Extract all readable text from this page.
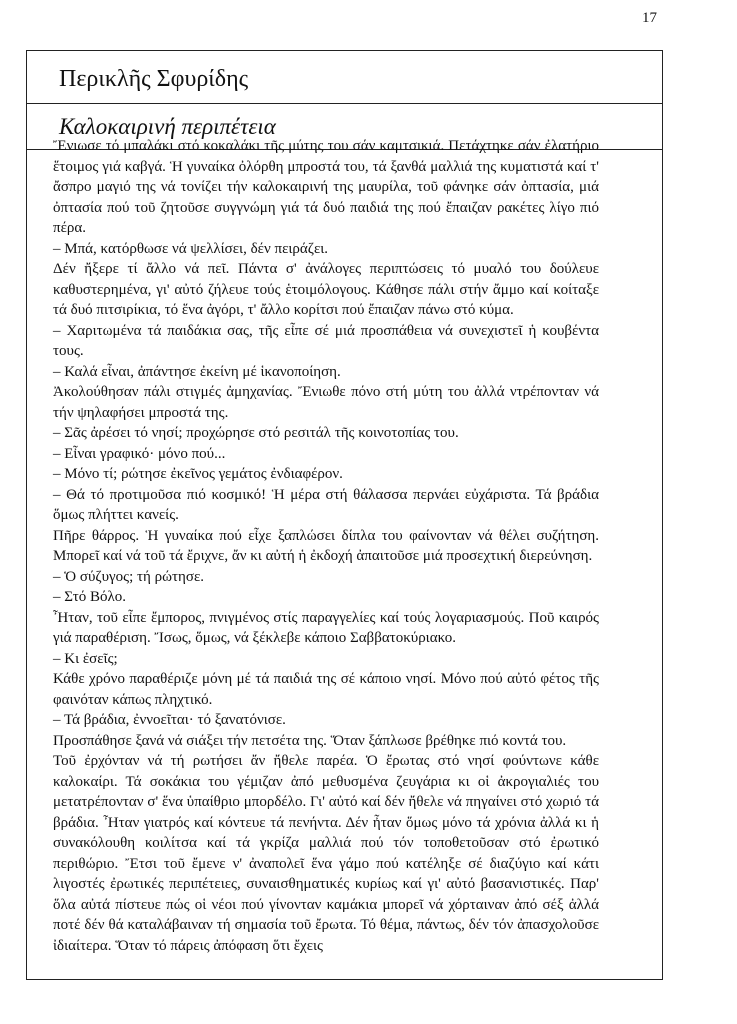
17
Περικλῆς Σφυρίδης
Καλοκαιρινή περιπέτεια

Ἔνιωσε τό μπαλάκι στό κοκαλάκι τῆς μύτης του σάν καμτσικιά. Πετάχτηκε σάν ἐλατήριο ἕτοιμος γιά καβγά. Ἡ γυναίκα ὀλόρθη μπροστά του, τά ξανθά μαλλιά της κυματιστά καί τ' ἄσπρο μαγιό της νά τονίζει τήν καλοκαιρινή της μαυρίλα, τοῦ φάνηκε σάν ὀπτασία, μιά ὀπτασία πού τοῦ ζητοῦσε συγγνώμη γιά τά δυό παιδιά της πού ἔπαιζαν ρακέτες λίγο πιό πέρα.

– Μπά, κατόρθωσε νά ψελλίσει, δέν πειράζει.

Δέν ἤξερε τί ἄλλο νά πεῖ. Πάντα σ' ἀνάλογες περιπτώσεις τό μυαλό του δούλευε καθυστερημένα, γι' αὐτό ζήλευε τούς ἑτοιμόλογους. Κάθησε πάλι στήν ἄμμο καί κοίταξε τά δυό πιτσιρίκια, τό ἕνα ἀγόρι, τ' ἄλλο κορίτσι πού ἔπαιζαν πάνω στό κύμα.

– Χαριτωμένα τά παιδάκια σας, τῆς εἶπε σέ μιά προσπάθεια νά συνεχιστεῖ ἡ κουβέντα τους.

– Καλά εἶναι, ἀπάντησε ἐκείνη μέ ἱκανοποίηση.

Ἀκολούθησαν πάλι στιγμές ἀμηχανίας. Ἔνιωθε πόνο στή μύτη του ἀλλά ντρέπονταν νά τήν ψηλαφήσει μπροστά της.

– Σᾶς ἀρέσει τό νησί; προχώρησε στό ρεσιτάλ τῆς κοινοτοπίας του.

– Εἶναι γραφικό· μόνο πού...

– Μόνο τί; ρώτησε ἐκεῖνος γεμάτος ἐνδιαφέρον.

– Θά τό προτιμοῦσα πιό κοσμικό! Ἡ μέρα στή θάλασσα περνάει εὐχάριστα. Τά βράδια ὅμως πλήττει κανείς.

Πῆρε θάρρος. Ἡ γυναίκα πού εἶχε ξαπλώσει δίπλα του φαίνονταν νά θέλει συζήτηση. Μπορεῖ καί νά τοῦ τά ἔριχνε, ἄν κι αὐτή ἡ ἐκδοχή ἀπαιτοῦσε μιά προσεχτική διερεύνηση.

– Ὁ σύζυγος; τή ρώτησε.

– Στό Βόλο.

Ἦταν, τοῦ εἶπε ἔμπορος, πνιγμένος στίς παραγγελίες καί τούς λογαριασμούς. Ποῦ καιρός γιά παραθέριση. Ἴσως, ὅμως, νά ξέκλεβε κάποιο Σαββατοκύριακο.

– Κι ἐσεῖς;

Κάθε χρόνο παραθέριζε μόνη μέ τά παιδιά της σέ κάποιο νησί. Μόνο πού αὐτό φέτος τῆς φαινόταν κάπως πληχτικό.

– Τά βράδια, ἐννοεῖται· τό ξανατόνισε.

Προσπάθησε ξανά νά σιάξει τήν πετσέτα της. Ὅταν ξάπλωσε βρέθηκε πιό κοντά του.

Τοῦ ἐρχόνταν νά τή ρωτήσει ἄν ἤθελε παρέα. Ὁ ἔρωτας στό νησί φούντωνε κάθε καλοκαίρι. Τά σοκάκια του γέμιζαν ἀπό μεθυσμένα ζευγάρια κι οἱ ἀκρογιαλιές του μετατρέπονταν σ' ἕνα ὑπαίθριο μπορδέλο. Γι' αὐτό καί δέν ἤθελε νά πηγαίνει στό χωριό τά βράδια. Ἦταν γιατρός καί κόντευε τά πενήντα. Δέν ἦταν ὅμως μόνο τά χρόνια ἀλλά κι ἡ συνακόλουθη κοιλίτσα καί τά γκρίζα μαλλιά πού τόν τοποθετοῦσαν στό ἐρωτικό περιθώριο. Ἔτσι τοῦ ἔμενε ν' ἀναπολεῖ ἕνα γάμο πού κατέληξε σέ διαζύγιο καί κάτι λιγοστές ἐρωτικές περιπέτειες, συναισθηματικές κυρίως καί γι' αὐτό βασανιστικές. Παρ' ὅλα αὐτά πίστευε πώς οἱ νέοι πού γίνονταν καμάκια μπορεῖ νά χόρταιναν ἀπό σέξ ἀλλά ποτέ δέν θά καταλάβαιναν τή σημασία τοῦ ἔρωτα. Τό θέμα, πάντως, δέν τόν ἀπασχολοῦσε ἰδιαίτερα. Ὅταν τό πάρεις ἀπόφαση ὅτι ἔχεις
